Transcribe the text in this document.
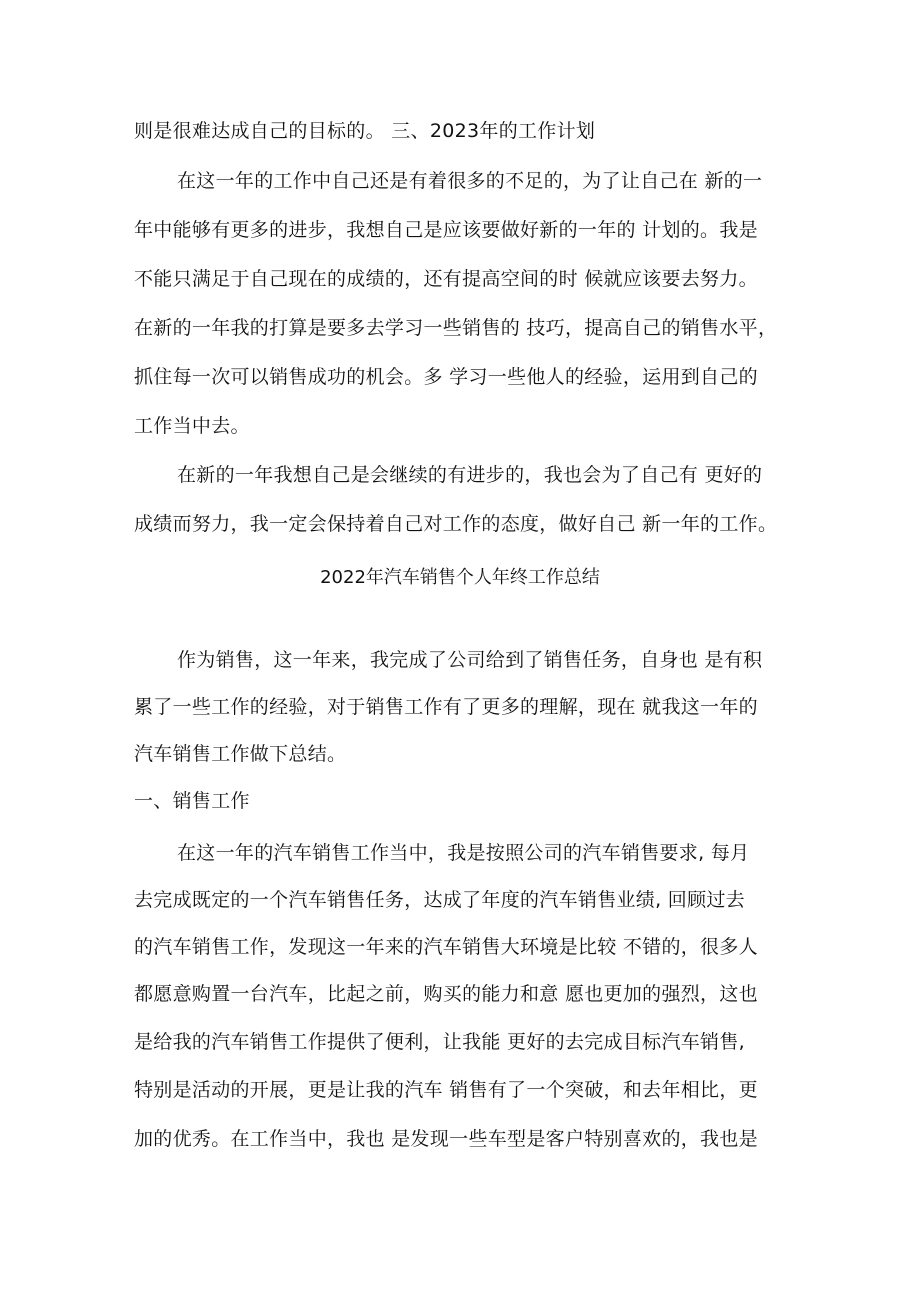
则是很难达成自己的目标的。 三、2023年的工作计划
在这一年的工作中自己还是有着很多的不足的，为了让自己在 新的一
年中能够有更多的进步，我想自己是应该要做好新的一年的 计划的。我是
不能只满足于自己现在的成绩的，还有提高空间的时 候就应该要去努力。
在新的一年我的打算是要多去学习一些销售的 技巧，提高自己的销售水平，
抓住每一次可以销售成功的机会。多 学习一些他人的经验，运用到自己的
工作当中去。
在新的一年我想自己是会继续的有进步的，我也会为了自己有 更好的
成绩而努力，我一定会保持着自己对工作的态度，做好自己 新一年的工作。
2022年汽车销售个人年终工作总结
作为销售，这一年来，我完成了公司给到了销售任务，自身也 是有积
累了一些工作的经验，对于销售工作有了更多的理解，现在 就我这一年的
汽车销售工作做下总结。
一、销售工作
在这一年的汽车销售工作当中，我是按照公司的汽车销售要求, 每月
去完成既定的一个汽车销售任务，达成了年度的汽车销售业绩, 回顾过去
的汽车销售工作，发现这一年来的汽车销售大环境是比较 不错的，很多人
都愿意购置一台汽车，比起之前，购买的能力和意 愿也更加的强烈，这也
是给我的汽车销售工作提供了便利，让我能 更好的去完成目标汽车销售,
特别是活动的开展，更是让我的汽车 销售有了一个突破，和去年相比，更
加的优秀。在工作当中，我也 是发现一些车型是客户特别喜欢的，我也是
